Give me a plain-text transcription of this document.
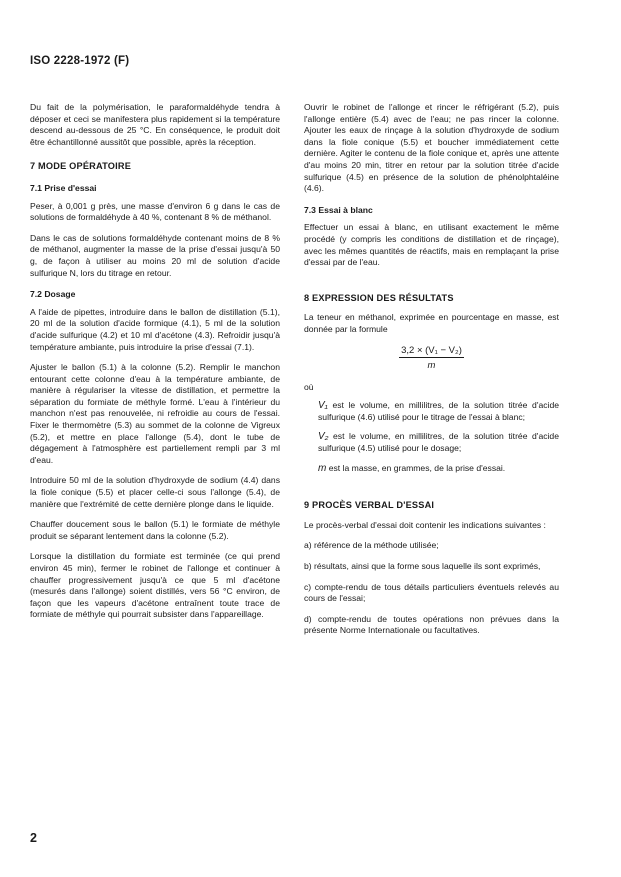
ISO 2228-1972 (F)

Du fait de la polymérisation, le paraformaldéhyde tendra à déposer et ceci se manifestera plus rapidement si la température descend au-dessous de 25 °C. En conséquence, le produit doit être échantillonné aussitôt que possible, après la réception.

7 MODE OPÉRATOIRE
7.1 Prise d'essai

Peser, à 0,001 g près, une masse d'environ 6 g dans le cas de solutions de formaldéhyde à 40 %, contenant 8 % de méthanol.

Dans le cas de solutions formaldéhyde contenant moins de 8 % de méthanol, augmenter la masse de la prise d'essai jusqu'à 50 g, de façon à utiliser au moins 20 ml de solution d'acide sulfurique N, lors du titrage en retour.

7.2 Dosage

A l'aide de pipettes, introduire dans le ballon de distillation (5.1), 20 ml de la solution d'acide formique (4.1), 5 ml de la solution d'acide sulfurique (4.2) et 10 ml d'acétone (4.3). Refroidir jusqu'à température ambiante, puis introduire la prise d'essai (7.1).

Ajuster le ballon (5.1) à la colonne (5.2). Remplir le manchon entourant cette colonne d'eau à la température ambiante, de manière à régulariser la vitesse de distillation, et permettre la séparation du formiate de méthyle formé. L'eau à l'intérieur du manchon n'est pas renouvelée, ni refroidie au cours de l'essai. Fixer le thermomètre (5.3) au sommet de la colonne de Vigreux (5.2), et mettre en place l'allonge (5.4), dont le tube de dégagement à l'atmosphère est partiellement rempli par 3 ml d'eau.

Introduire 50 ml de la solution d'hydroxyde de sodium (4.4) dans la fiole conique (5.5) et placer celle-ci sous l'allonge (5.4), de manière que l'extrémité de cette dernière plonge dans le liquide.

Chauffer doucement sous le ballon (5.1) le formiate de méthyle produit se séparant lentement dans la colonne (5.2).

Lorsque la distillation du formiate est terminée (ce qui prend environ 45 min), fermer le robinet de l'allonge et continuer à chauffer progressivement jusqu'à ce que 5 ml d'acétone (mesurés dans l'allonge) soient distillés, vers 56 °C environ, de façon que les vapeurs d'acétone entraînent toute trace de formiate de méthyle qui pourrait subsister dans l'appareillage.

Ouvrir le robinet de l'allonge et rincer le réfrigérant (5.2), puis l'allonge entière (5.4) avec de l'eau; ne pas rincer la colonne. Ajouter les eaux de rinçage à la solution d'hydroxyde de sodium dans la fiole conique (5.5) et boucher immédiatement cette dernière. Agiter le contenu de la fiole conique et, après une attente d'au moins 20 min, titrer en retour par la solution titrée d'acide sulfurique (4.5) en présence de la solution de phénolphtaléine (4.6).

7.3 Essai à blanc

Effectuer un essai à blanc, en utilisant exactement le même procédé (y compris les conditions de distillation et de rinçage), avec les mêmes quantités de réactifs, mais en remplaçant la prise d'essai par de l'eau.

8 EXPRESSION DES RÉSULTATS

La teneur en méthanol, exprimée en pourcentage en masse, est donnée par la formule

3,2 × (V₁ − V₂)
m
où
V₁ est le volume, en millilitres, de la solution titrée d'acide sulfurique (4.6) utilisé pour le titrage de l'essai à blanc;
V₂ est le volume, en millilitres, de la solution titrée d'acide sulfurique (4.5) utilisé pour le dosage;
m est la masse, en grammes, de la prise d'essai.
9 PROCÈS VERBAL D'ESSAI

Le procès-verbal d'essai doit contenir les indications suivantes :

a) référence de la méthode utilisée;
b) résultats, ainsi que la forme sous laquelle ils sont exprimés,
c) compte-rendu de tous détails particuliers éventuels relevés au cours de l'essai;
d) compte-rendu de toutes opérations non prévues dans la présente Norme Internationale ou facultatives.
2
